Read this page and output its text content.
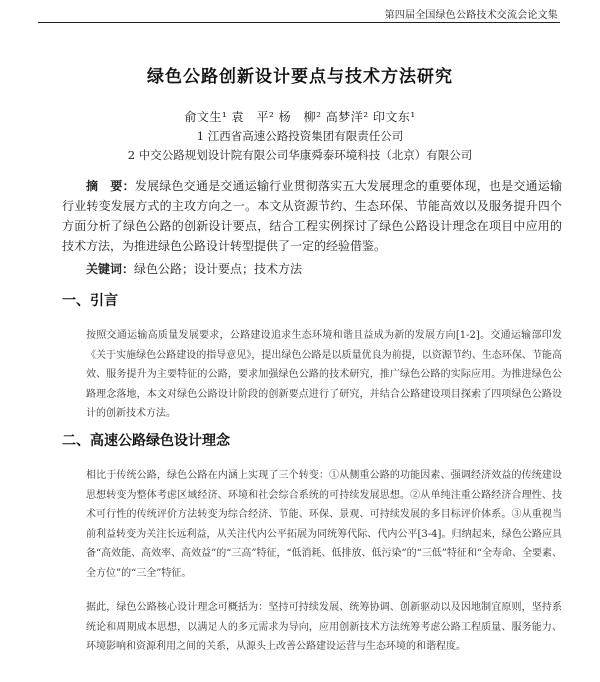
第四届全国绿色公路技术交流会论文集
绿色公路创新设计要点与技术方法研究
俞文生¹ 袁　平² 杨　柳² 高梦洋² 印文东¹
1 江西省高速公路投资集团有限责任公司
2 中交公路规划设计院有限公司华康舜泰环境科技（北京）有限公司
摘　要：发展绿色交通是交通运输行业贯彻落实五大发展理念的重要体现，也是交通运输行业转变发展方式的主攻方向之一。本文从资源节约、生态环保、节能高效以及服务提升四个方面分析了绿色公路的创新设计要点，结合工程实例探讨了绿色公路设计理念在项目中应用的技术方法，为推进绿色公路设计转型提供了一定的经验借鉴。
关键词：绿色公路；设计要点；技术方法
一、引言
按照交通运输高质量发展要求，公路建设追求生态环境和谐且益成为新的发展方向[1-2]。交通运输部印发《关于实施绿色公路建设的指导意见》，提出绿色公路是以质量优良为前提，以资源节约、生态环保、节能高效、服务提升为主要特征的公路，要求加强绿色公路的技术研究，推广绿色公路的实际应用。为推进绿色公路理念落地，本文对绿色公路设计阶段的创新要点进行了研究，并结合公路建设项目探索了四项绿色公路设计的创新技术方法。
二、高速公路绿色设计理念
相比于传统公路，绿色公路在内涵上实现了三个转变：①从侧重公路的功能因素、强调经济效益的传统建设思想转变为整体考虑区域经济、环境和社会综合系统的可持续发展思想。②从单纯注重公路经济合理性、技术可行性的传统评价方法转变为综合经济、节能、环保、景观、可持续发展的多目标评价体系。③从重视当前利益转变为关注长远利益，从关注代内公平拓展为同统筹代际、代内公平[3-4]。归纳起来，绿色公路应具备“高效能、高效率、高效益”的“三高”特征，“低消耗、低排放、低污染”的“三低”特征和“全寿命、全要素、全方位”的“三全”特征。
据此，绿色公路核心设计理念可概括为：坚持可持续发展、统筹协调、创新驱动以及因地制宜原则，坚持系统论和周期成本思想，以满足人的多元需求为导向，应用创新技术方法统筹考虑公路工程质量、服务能力、环境影响和资源利用之间的关系，从源头上改善公路建设运营与生态环境的和谐程度。
